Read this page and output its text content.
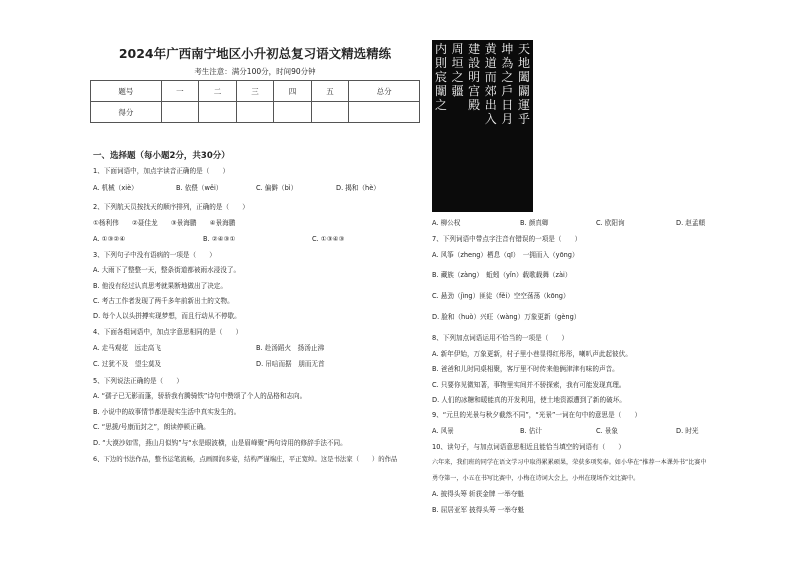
2024年广西南宁地区小升初总复习语文精选精练
考生注意：满分100分，时间90分钟
题号	一	二	三	四	五	总分
得分						
一、选择题（每小题2分，共30分）
1、下面词语中，加点字读音正确的是（　　）
A. 机械（xiè）	B. 依偎（wěi）	C. 偏僻（bì）	D. 揭和（hè）
2、下列航天员按找天的顺序排列，正确的是（　　）
①杨利伟　　②聂佳龙　　③景海鹏　　④景海鹏
A. ①③②④	B. ②④③①	C. ①③④③
3、下列句子中没有语病的一项是（　　）
A. 大雨下了整整一天，整条街道都被雨水浸没了。
B. 他没有经过认真思考就果断地做出了决定。
C. 考古工作者发现了两千多年前新出土的文物。
D. 每个人以头拼搏实现梦想，而且行动从不停歇。
4、下面各组词语中，加点字意思相同的是（　　）
A. 走马观花　远走高飞	B. 赴汤蹈火　扬汤止沸
C. 过犹不及　望尘莫及	D. 吊唁而据　朋而无首
5、下列说法正确的是（　　）
A. “孺子已无影而蓬，骄骄我有腾骑铁”诗句中赞颂了个人的品格和志向。
B. 小说中的故事情节都是现实生活中真实发生的。
C. “思援/号康而封之”，朗读停顿正确。
D. “大漠沙如雪，燕山月似钩”与“水是眼波横，山是眉峰聚”两句诗用的修辞手法不同。
6、下边的书法作品，整书运笔流畅，点画圆润多姿，结构严谨端庄，平正宽绰。这是书法家（　　）的作品
天地闔闢運乎
坤為之戶日月
黄道而郊出入
建設明宫殿
周垣之疆
内則宸闈之
A. 柳公权	B. 颜真卿	C. 欧阳询	D. 赵孟頫
7、下列词语中带点字注音有错误的一项是（　　）
A. 风筝（zheng）栖息（qī）　一拥而入（yōng）
B. 藏族（zàng）　蚯蚓（yǐn）载歌载舞（zài）
C. 悬劲（jìng）匪徒（fěi）空空荡荡（kōng）
D. 脸和（huò）兴旺（wàng）万象更新（gèng）
8、下列加点词语运用不恰当的一项是（　　）
A. 新年伊始，万象更新，村子里小巷显得红彤彤，喇叭声此起彼伏。
B. 爸爸和儿时同桌相聚，客厅里不时传来他俩津津有味的声音。
C. 只要你见微知著，事物里实间并不骄探索，我有可能发现真理。
D. 人们的冰糖和暖能真的开发利用，使土地资源遭到了新的破坏。
9、“元旦的光景与秋夕截然不同”，“光景”一词在句中的意思是（　　）
A. 风景	B. 估计	C. 景象	D. 时光
10、读句子，与加点词语意思相近且能恰当填空的词语有（　　）
六年来，我们班的同学在语文学习中取得累累硕果，荣获多项奖奉。如小华在“推荐一本课外书”比赛中
勇夺第一，小五在书写比赛中，小梅在诗词大会上，小州在现场作文比赛中。
A. 披得头筹 斩获金牌 一举夺魁
B. 屈居亚军 披得头筹 一举夺魁
